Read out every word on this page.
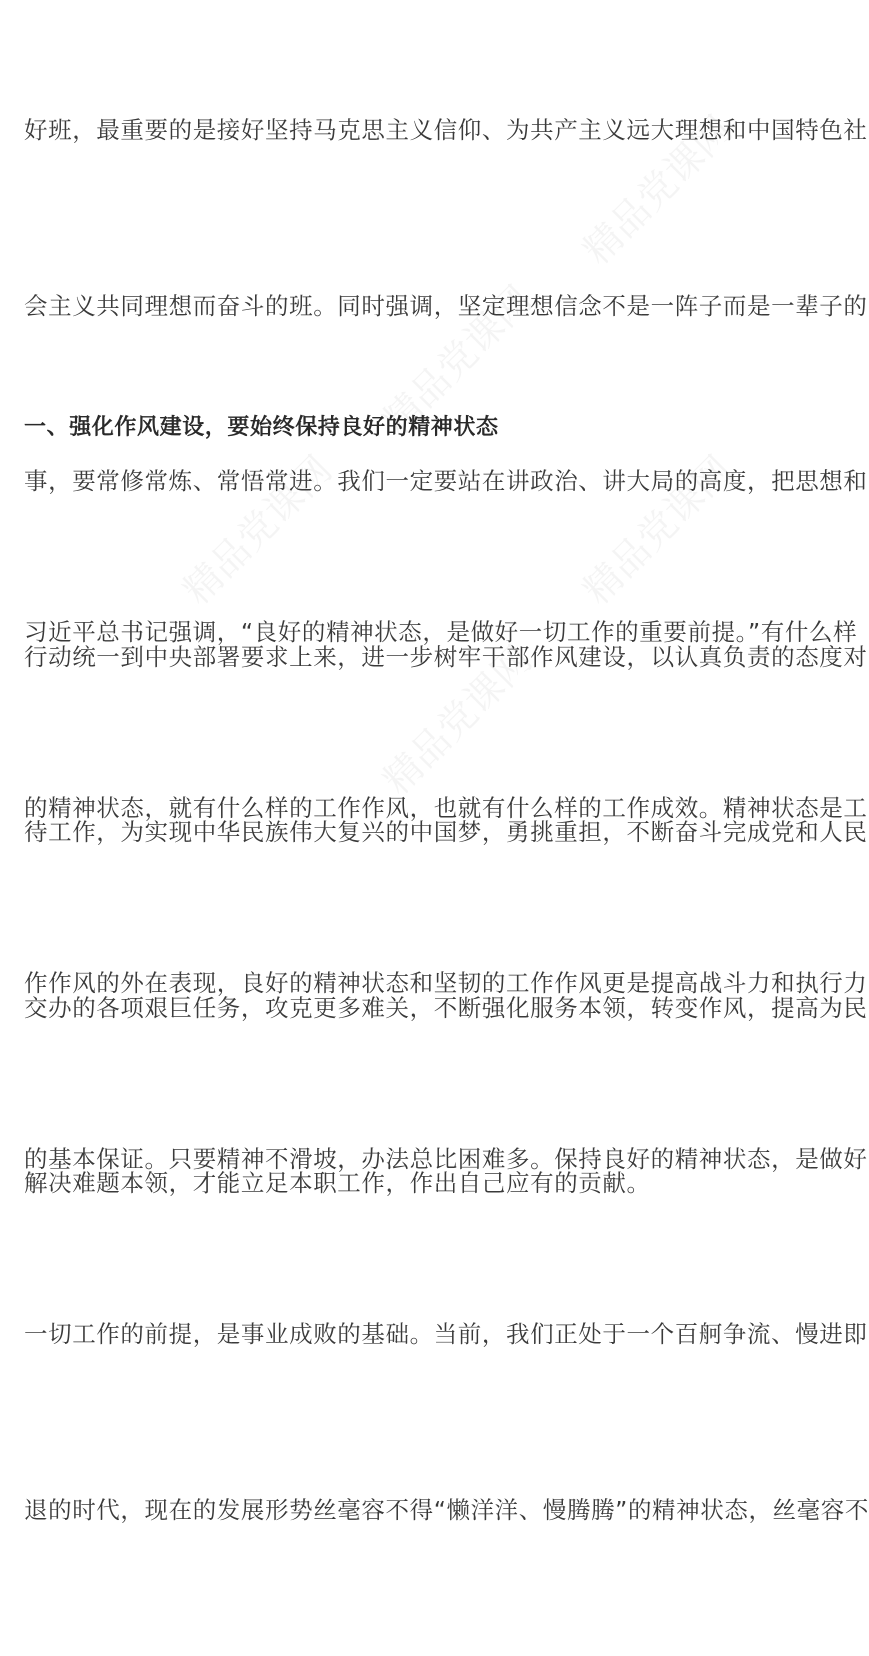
精品党课网
精品党课网
精品党课网
精品党课网
精品党课网

好班，最重要的是接好坚持马克思主义信仰、为共产主义远大理想和中国特色社

会主义共同理想而奋斗的班。同时强调，坚定理想信念不是一阵子而是一辈子的

事，要常修常炼、常悟常进。我们一定要站在讲政治、讲大局的高度，把思想和

行动统一到中央部署要求上来，进一步树牢干部作风建设，以认真负责的态度对

待工作，为实现中华民族伟大复兴的中国梦，勇挑重担，不断奋斗完成党和人民

交办的各项艰巨任务，攻克更多难关，不断强化服务本领，转变作风，提高为民

解决难题本领，才能立足本职工作，作出自己应有的贡献。

一、强化作风建设，要始终保持良好的精神状态

习近平总书记强调，“良好的精神状态，是做好一切工作的重要前提。”有什么样

的精神状态，就有什么样的工作作风，也就有什么样的工作成效。精神状态是工

作作风的外在表现，良好的精神状态和坚韧的工作作风更是提高战斗力和执行力

的基本保证。只要精神不滑坡，办法总比困难多。保持良好的精神状态，是做好

一切工作的前提，是事业成败的基础。当前，我们正处于一个百舸争流、慢进即

退的时代，现在的发展形势丝毫容不得“懒洋洋、慢腾腾”的精神状态，丝毫容不
